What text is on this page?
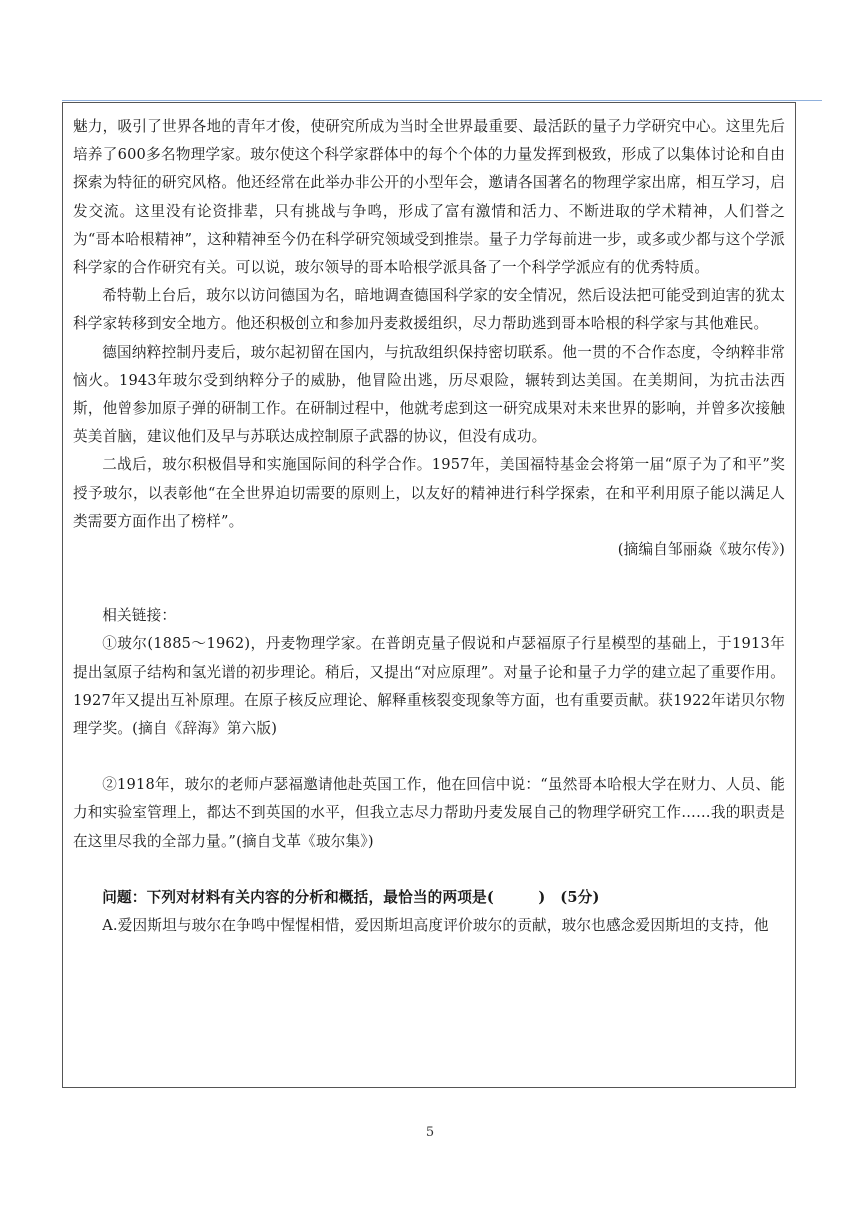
魅力，吸引了世界各地的青年才俊，使研究所成为当时全世界最重要、最活跃的量子力学研究中心。这里先后培养了600多名物理学家。玻尔使这个科学家群体中的每个个体的力量发挥到极致，形成了以集体讨论和自由探索为特征的研究风格。他还经常在此举办非公开的小型年会，邀请各国著名的物理学家出席，相互学习，启发交流。这里没有论资排辈，只有挑战与争鸣，形成了富有激情和活力、不断进取的学术精神，人们誉之为“哥本哈根精神”，这种精神至今仍在科学研究领域受到推崇。量子力学每前进一步，或多或少都与这个学派科学家的合作研究有关。可以说，玻尔领导的哥本哈根学派具备了一个科学学派应有的优秀特质。

希特勒上台后，玻尔以访问德国为名，暗地调查德国科学家的安全情况，然后设法把可能受到迫害的犹太科学家转移到安全地方。他还积极创立和参加丹麦救援组织，尽力帮助逃到哥本哈根的科学家与其他难民。

德国纳粹控制丹麦后，玻尔起初留在国内，与抗敌组织保持密切联系。他一贯的不合作态度，令纳粹非常恼火。1943年玻尔受到纳粹分子的威胁，他冒险出逃，历尽艰险，辗转到达美国。在美期间，为抗击法西斯，他曾参加原子弹的研制工作。在研制过程中，他就考虑到这一研究成果对未来世界的影响，并曾多次接触英美首脑，建议他们及早与苏联达成控制原子武器的协议，但没有成功。

二战后，玻尔积极倡导和实施国际间的科学合作。1957年，美国福特基金会将第一届“原子为了和平”奖授予玻尔，以表彰他“在全世界迫切需要的原则上，以友好的精神进行科学探索，在和平利用原子能以满足人类需要方面作出了榜样”。

(摘编自邹丽焱《玻尔传》)

相关链接：

①玻尔(1885～1962)，丹麦物理学家。在普朗克量子假说和卢瑟福原子行星模型的基础上，于1913年提出氢原子结构和氢光谱的初步理论。稍后，又提出“对应原理”。对量子论和量子力学的建立起了重要作用。1927年又提出互补原理。在原子核反应理论、解释重核裂变现象等方面，也有重要贡献。获1922年诺贝尔物理学奖。(摘自《辞海》第六版)

②1918年，玻尔的老师卢瑟福邀请他赴英国工作，他在回信中说：“虽然哥本哈根大学在财力、人员、能力和实验室管理上，都达不到英国的水平，但我立志尽力帮助丹麦发展自己的物理学研究工作……我的职责是在这里尽我的全部力量。”(摘自戈革《玻尔集》)

问题：下列对材料有关内容的分析和概括，最恰当的两项是(　　　)　(5分)

A.爱因斯坦与玻尔在争鸣中惺惺相惜，爱因斯坦高度评价玻尔的贡献，玻尔也感念爱因斯坦的支持，他

5
